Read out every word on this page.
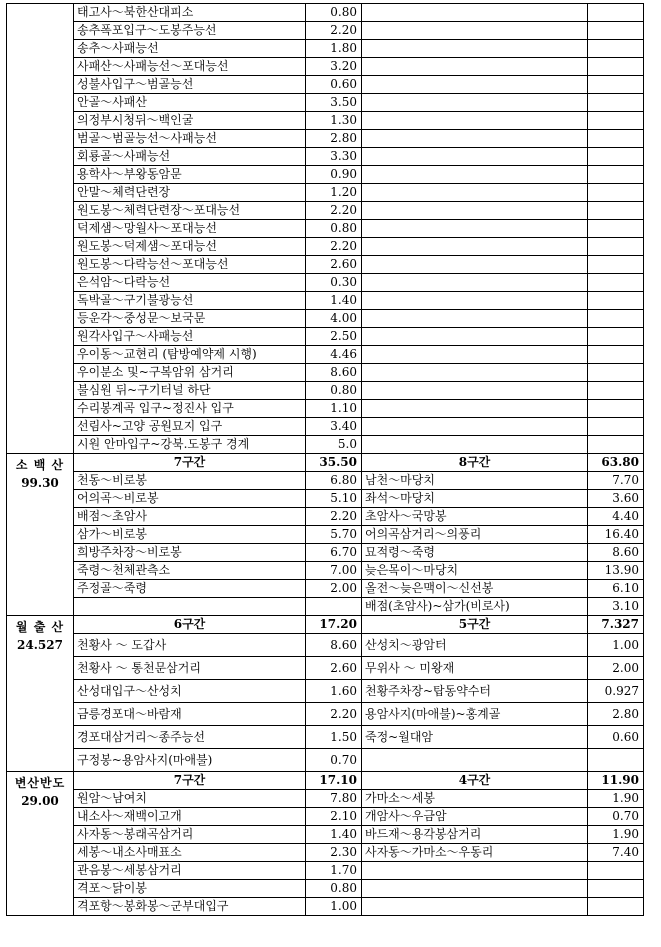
	태고사～북한산대피소	0.80		
	송추폭포입구～도봉주능선	2.20		
	송추～사패능선	1.80		
	사패산～사패능선～포대능선	3.20		
	성불사입구～범골능선	0.60		
	안골～사패산	3.50		
	의정부시청뒤～백인굴	1.30		
	범골～범골능선～사패능선	2.80		
	회룡골～사패능선	3.30		
	용학사～부왕동암문	0.90		
	안말～체력단련장	1.20		
	원도봉～체력단련장～포대능선	2.20		
	덕제샘～망월사～포대능선	0.80		
	원도봉～덕제샘～포대능선	2.20		
	원도봉～다락능선～포대능선	2.60		
	은석암～다락능선	0.30		
	독박골～구기불광능선	1.40		
	등운각～중성문～보국문	4.00		
	원각사입구～사패능선	2.50		
	우이동～교현리 (탐방예약제 시행)	4.46		
	우이분소 및~구복암위 삼거리	8.60		
	불심원 뒤~구기터널 하단	0.80		
	수리봉계곡 입구~정진사 입구	1.10		
	선림사~고양 공원묘지 입구	3.40		
	시원 안마입구~강북.도봉구 경계	5.0		

소 백 산
99.30	7구간	35.50	8구간	63.80
	천동～비로봉	6.80	남천～마당치	7.70
	어의곡～비로봉	5.10	좌석～마당치	3.60
	배점～초암사	2.20	초암사～국망봉	4.40
	삼가～비로봉	5.70	어의곡삼거리～의풍리	16.40
	희방주차장～비로봉	6.70	묘적령～죽령	8.60
	죽령～천체관측소	7.00	늦은목이～마당치	13.90
	주정골～죽령	2.00	올전～늦은맥이～신선봉	6.10
			배점(초암사)~삼가(비로사)	3.10

월 출 산
24.527	6구간	17.20	5구간	7.327
	천황사 ～ 도갑사	8.60	산성치～광암터	1.00
	천황사 ～ 통천문삼거리	2.60	무위사 ～ 미왕재	2.00
	산성대입구～산성치	1.60	천황주차장~탑동약수터	0.927
	금릉경포대～바람재	2.20	용암사지(마애불)~홍계골	2.80
	경포대삼거리～종주능선	1.50	죽정~월대암	0.60
	구정봉~용암사지(마애불)	0.70		

변산반도
29.00	7구간	17.10	4구간	11.90
	원암～남여치	7.80	가마소～세봉	1.90
	내소사～재백이고개	2.10	개암사～우금암	0.70
	사자동～봉래곡삼거리	1.40	바드재～용각봉삼거리	1.90
	세봉～내소사매표소	2.30	사자동～가마소～우동리	7.40
	관음봉～세봉삼거리	1.70		
	격포～닭이봉	0.80		
	격포항～봉화봉～군부대입구	1.00		
